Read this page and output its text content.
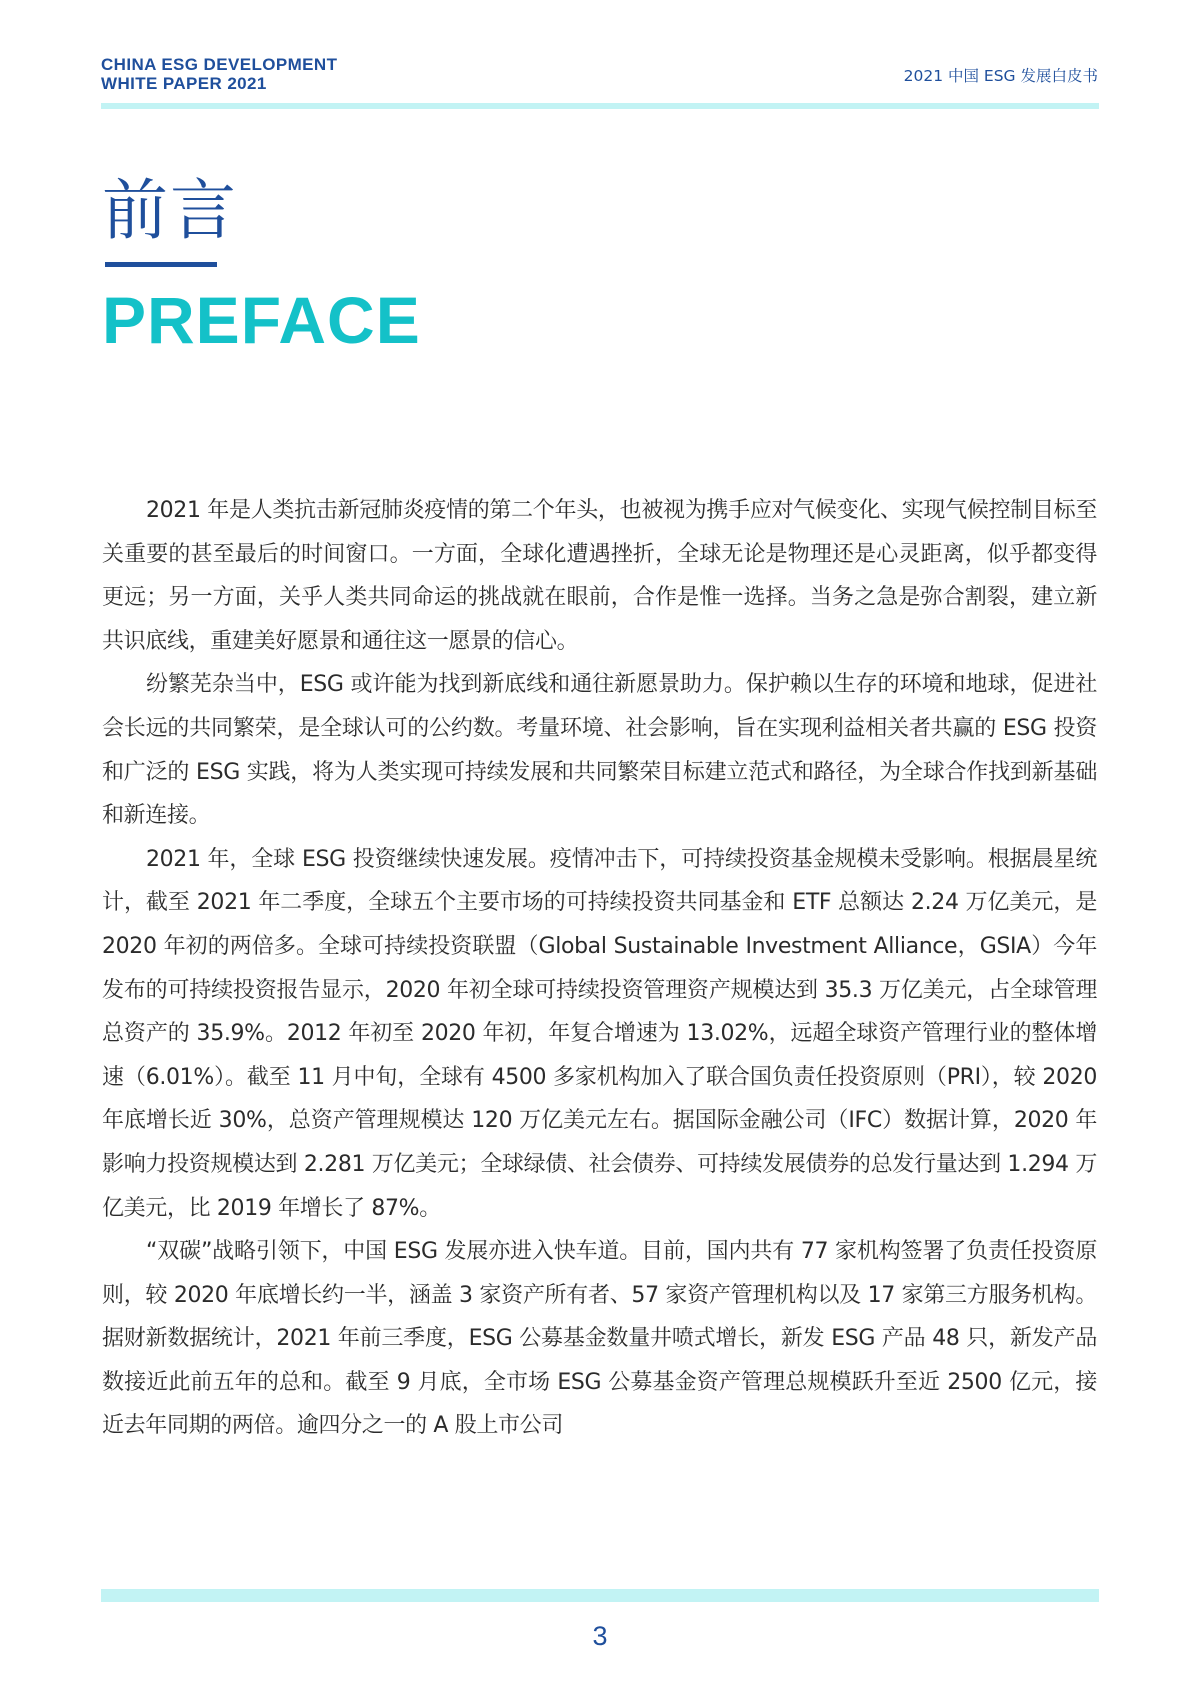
CHINA ESG DEVELOPMENT
WHITE PAPER 2021	2021 中国 ESG 发展白皮书
前言
PREFACE

2021 年是人类抗击新冠肺炎疫情的第二个年头，也被视为携手应对气候变化、实现气候控制目标至关重要的甚至最后的时间窗口。一方面，全球化遭遇挫折，全球无论是物理还是心灵距离，似乎都变得更远；另一方面，关乎人类共同命运的挑战就在眼前，合作是惟一选择。当务之急是弥合割裂，建立新共识底线，重建美好愿景和通往这一愿景的信心。

纷繁芜杂当中，ESG 或许能为找到新底线和通往新愿景助力。保护赖以生存的环境和地球，促进社会长远的共同繁荣，是全球认可的公约数。考量环境、社会影响，旨在实现利益相关者共赢的 ESG 投资和广泛的 ESG 实践，将为人类实现可持续发展和共同繁荣目标建立范式和路径，为全球合作找到新基础和新连接。

2021 年，全球 ESG 投资继续快速发展。疫情冲击下，可持续投资基金规模未受影响。根据晨星统计，截至 2021 年二季度，全球五个主要市场的可持续投资共同基金和 ETF 总额达 2.24 万亿美元，是 2020 年初的两倍多。全球可持续投资联盟（Global Sustainable Investment Alliance，GSIA）今年发布的可持续投资报告显示，2020 年初全球可持续投资管理资产规模达到 35.3 万亿美元，占全球管理总资产的 35.9%。2012 年初至 2020 年初，年复合增速为 13.02%，远超全球资产管理行业的整体增速（6.01%）。截至 11 月中旬，全球有 4500 多家机构加入了联合国负责任投资原则（PRI），较 2020 年底增长近 30%，总资产管理规模达 120 万亿美元左右。据国际金融公司（IFC）数据计算，2020 年影响力投资规模达到 2.281 万亿美元；全球绿债、社会债券、可持续发展债券的总发行量达到 1.294 万亿美元，比 2019 年增长了 87%。

“双碳”战略引领下，中国 ESG 发展亦进入快车道。目前，国内共有 77 家机构签署了负责任投资原则，较 2020 年底增长约一半，涵盖 3 家资产所有者、57 家资产管理机构以及 17 家第三方服务机构。据财新数据统计，2021 年前三季度，ESG 公募基金数量井喷式增长，新发 ESG 产品 48 只，新发产品数接近此前五年的总和。截至 9 月底，全市场 ESG 公募基金资产管理总规模跃升至近 2500 亿元，接近去年同期的两倍。逾四分之一的 A 股上市公司

3
